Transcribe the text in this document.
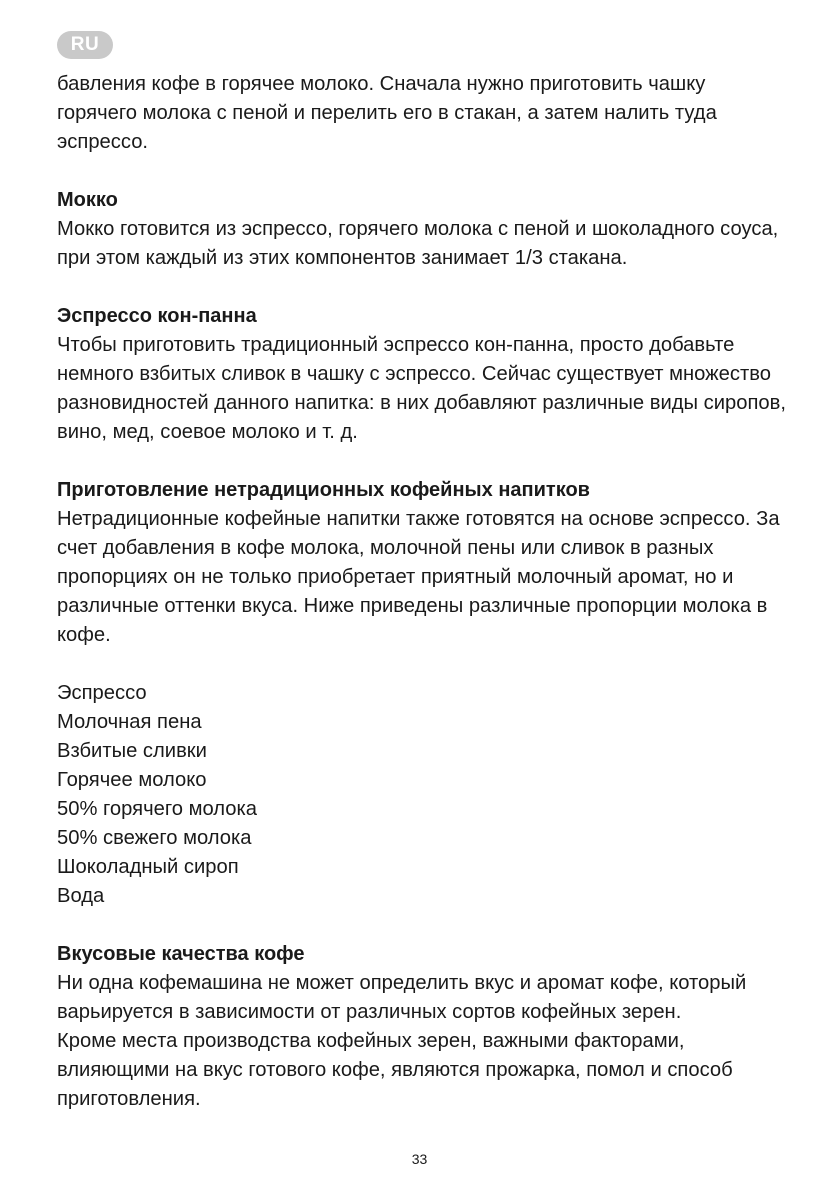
RU

бавления кофе в горячее молоко. Сначала нужно приготовить чашку горячего молока с пеной и перелить его в стакан, а затем налить туда эспрессо.

Мокко

Мокко готовится из эспрессо, горячего молока с пеной и шоколадного соуса, при этом каждый из этих компонентов занимает 1/3 стакана.

Эспрессо кон-панна

Чтобы приготовить традиционный эспрессо кон-панна, просто добавьте немного взбитых сливок в чашку с эспрессо. Сейчас существует множество разновидностей данного напитка: в них добавляют различные виды сиропов, вино, мед, соевое молоко и т. д.

Приготовление нетрадиционных кофейных напитков

Нетрадиционные кофейные напитки также готовятся на основе эспрессо. За счет добавления в кофе молока, молочной пены или сливок в разных пропорциях он не только приобретает приятный молочный аромат, но и различные оттенки вкуса. Ниже приведены различные пропорции молока в кофе.

Эспрессо
Молочная пена
Взбитые сливки
Горячее молоко
50% горячего молока
50% свежего молока
Шоколадный сироп
Вода
Вкусовые качества кофе

Ни одна кофемашина не может определить вкус и аромат кофе, который варьируется в зависимости от различных сортов кофейных зерен.

Кроме места производства кофейных зерен, важными факторами, влияющими на вкус готового кофе, являются прожарка, помол и способ приготовления.

33
